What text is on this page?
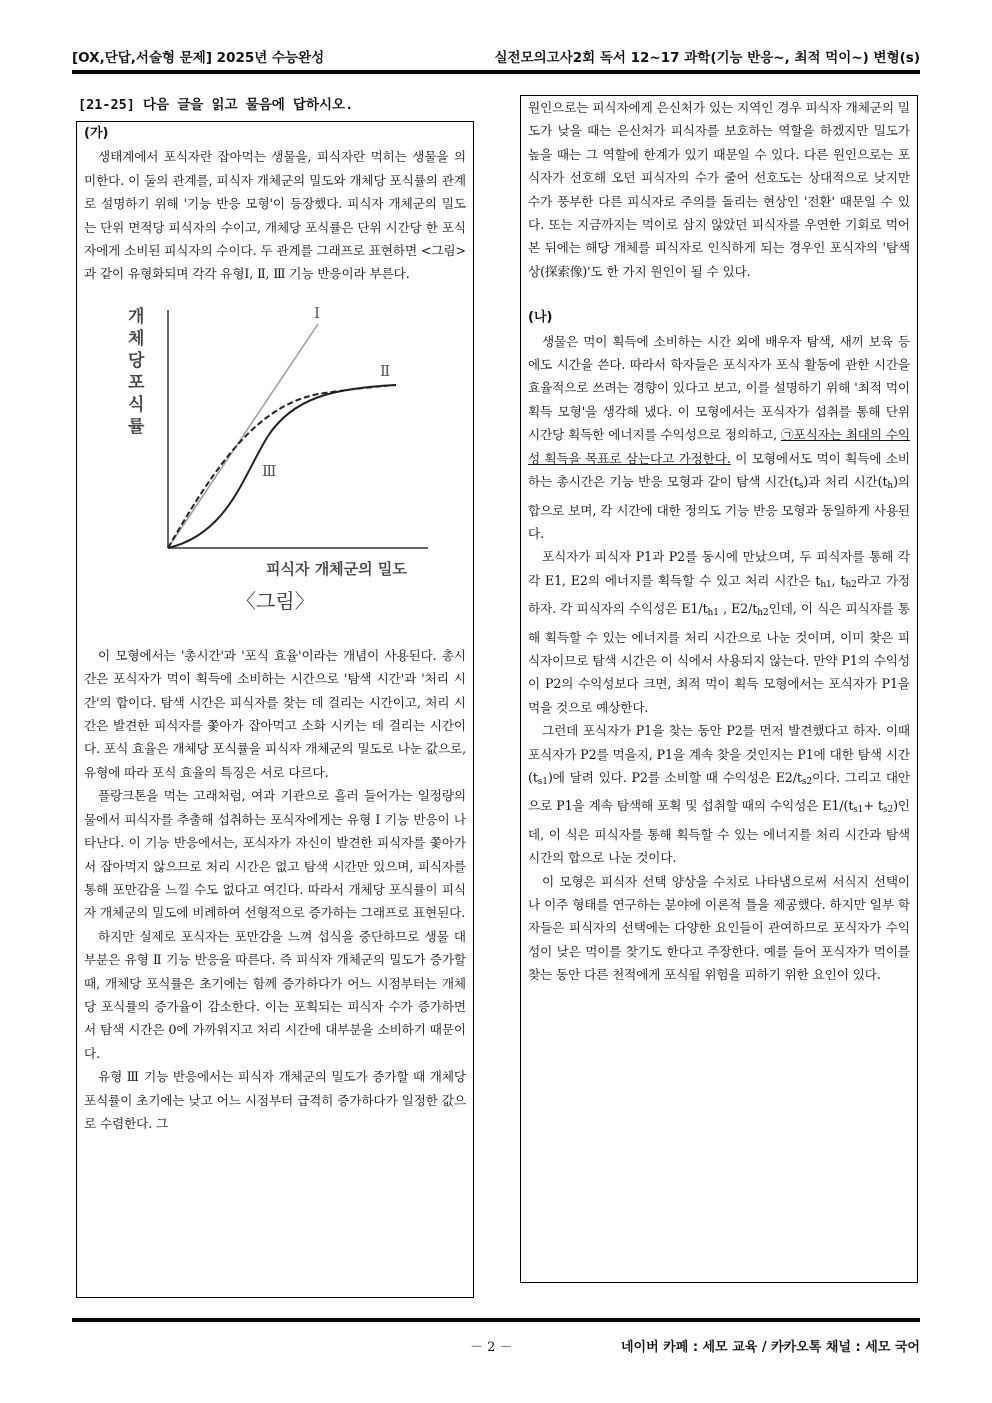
[OX,단답,서술형 문제] 2025년 수능완성	실전모의고사2회 독서 12~17 과학(기능 반응~, 최적 먹이~) 변형(s)
[21-25] 다음 글을 읽고 물음에 답하시오.
(가)

생태계에서 포식자란 잡아먹는 생물을, 피식자란 먹히는 생물을 의미한다. 이 둘의 관계를, 피식자 개체군의 밀도와 개체당 포식률의 관계로 설명하기 위해 '기능 반응 모형'이 등장했다. 피식자 개체군의 밀도는 단위 면적당 피식자의 수이고, 개체당 포식률은 단위 시간당 한 포식자에게 소비된 피식자의 수이다. 두 관계를 그래프로 표현하면 <그림>과 같이 유형화되며 각각 유형Ⅰ, Ⅱ, Ⅲ 기능 반응이라 부른다.

개
체
당
포
식
률
Ⅰ
Ⅱ
Ⅲ
피식자 개체군의 밀도
〈그림〉

이 모형에서는 '총시간'과 '포식 효율'이라는 개념이 사용된다. 총시간은 포식자가 먹이 획득에 소비하는 시간으로 '탐색 시간'과 '처리 시간'의 합이다. 탐색 시간은 피식자를 찾는 데 걸리는 시간이고, 처리 시간은 발견한 피식자를 쫓아가 잡아먹고 소화 시키는 데 걸리는 시간이다. 포식 효율은 개체당 포식률을 피식자 개체군의 밀도로 나눈 값으로, 유형에 따라 포식 효율의 특징은 서로 다르다.

플랑크톤을 먹는 고래처럼, 여과 기관으로 흘러 들어가는 일정량의 물에서 피식자를 추출해 섭취하는 포식자에게는 유형 Ⅰ 기능 반응이 나타난다. 이 기능 반응에서는, 포식자가 자신이 발견한 피식자를 쫓아가서 잡아먹지 않으므로 처리 시간은 없고 탐색 시간만 있으며, 피식자를 통해 포만감을 느낄 수도 없다고 여긴다. 따라서 개체당 포식률이 피식자 개체군의 밀도에 비례하여 선형적으로 증가하는 그래프로 표현된다.

하지만 실제로 포식자는 포만감을 느껴 섭식을 중단하므로 생물 대부분은 유형 Ⅱ 기능 반응을 따른다. 즉 피식자 개체군의 밀도가 증가할 때, 개체당 포식률은 초기에는 함께 증가하다가 어느 시점부터는 개체당 포식률의 증가율이 감소한다. 이는 포획되는 피식자 수가 증가하면서 탐색 시간은 0에 가까워지고 처리 시간에 대부분을 소비하기 때문이다.

유형 Ⅲ 기능 반응에서는 피식자 개체군의 밀도가 증가할 때 개체당 포식률이 초기에는 낮고 어느 시점부터 급격히 증가하다가 일정한 값으로 수렴한다. 그

원인으로는 피식자에게 은신처가 있는 지역인 경우 피식자 개체군의 밀도가 낮을 때는 은신처가 피식자를 보호하는 역할을 하겠지만 밀도가 높을 때는 그 역할에 한계가 있기 때문일 수 있다. 다른 원인으로는 포식자가 선호해 오던 피식자의 수가 줄어 선호도는 상대적으로 낮지만 수가 풍부한 다른 피식자로 주의를 돌리는 현상인 '전환' 때문일 수 있다. 또는 지금까지는 먹이로 삼지 않았던 피식자를 우연한 기회로 먹어 본 뒤에는 해당 개체를 피식자로 인식하게 되는 경우인 포식자의 '탐색상(探索像)'도 한 가지 원인이 될 수 있다.

(나)

생물은 먹이 획득에 소비하는 시간 외에 배우자 탐색, 새끼 보육 등에도 시간을 쓴다. 따라서 학자들은 포식자가 포식 활동에 관한 시간을 효율적으로 쓰려는 경향이 있다고 보고, 이를 설명하기 위해 '최적 먹이 획득 모형'을 생각해 냈다. 이 모형에서는 포식자가 섭취를 통해 단위 시간당 획득한 에너지를 수익성으로 정의하고, ㉠포식자는 최대의 수익성 획득을 목표로 삼는다고 가정한다. 이 모형에서도 먹이 획득에 소비하는 총시간은 기능 반응 모형과 같이 탐색 시간$(t_s)$과 처리 시간$(t_h)$의 합으로 보며, 각 시간에 대한 정의도 기능 반응 모형과 동일하게 사용된다.

포식자가 피식자 P1과 P2를 동시에 만났으며, 두 피식자를 통해 각각 E1, E2의 에너지를 획득할 수 있고 처리 시간은 $t_{h1}$, $t_{h2}$라고 가정하자. 각 피식자의 수익성은 $E1/t_{h1}$ , $E2/t_{h2}$인데, 이 식은 피식자를 통해 획득할 수 있는 에너지를 처리 시간으로 나눈 것이며, 이미 찾은 피식자이므로 탐색 시간은 이 식에서 사용되지 않는다. 만약 P1의 수익성이 P2의 수익성보다 크면, 최적 먹이 획득 모형에서는 포식자가 P1을 먹을 것으로 예상한다.

그런데 포식자가 P1을 찾는 동안 P2를 먼저 발견했다고 하자. 이때 포식자가 P2를 먹을지, P1을 계속 찾을 것인지는 P1에 대한 탐색 시간$(t_{s1})$에 달려 있다. P2를 소비할 때 수익성은 $E2/t_{s2}$이다. 그리고 대안으로 P1을 계속 탐색해 포획 및 섭취할 때의 수익성은 $E1/(t_{s1}+ t_{s2})$인데, 이 식은 피식자를 통해 획득할 수 있는 에너지를 처리 시간과 탐색 시간의 합으로 나눈 것이다.

이 모형은 피식자 선택 양상을 수치로 나타냄으로써 서식지 선택이나 이주 형태를 연구하는 분야에 이론적 틀을 제공했다. 하지만 일부 학자들은 피식자의 선택에는 다양한 요인들이 관여하므로 포식자가 수익성이 낮은 먹이를 찾기도 한다고 주장한다. 예를 들어 포식자가 먹이를 찾는 동안 다른 천적에게 포식될 위험을 피하기 위한 요인이 있다.

－ 2 －	네이버 카페 : 세모 교육 / 카카오톡 채널 : 세모 국어
